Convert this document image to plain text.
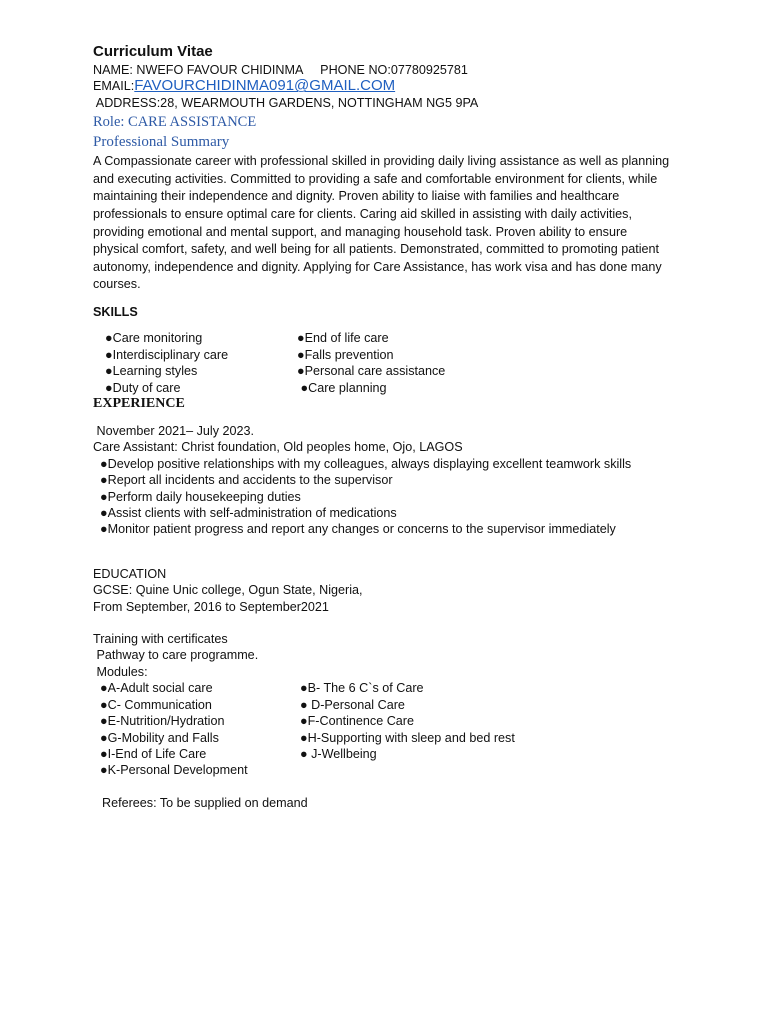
Curriculum Vitae
NAME: NWEFO FAVOUR CHIDINMA     PHONE NO:07780925781
EMAIL:FAVOURCHIDINMA091@GMAIL.COM
ADDRESS:28, WEARMOUTH GARDENS, NOTTINGHAM NG5 9PA
Role: CARE ASSISTANCE
Professional Summary
A Compassionate career with professional skilled in providing daily living assistance as well as planning and executing activities. Committed to providing a safe and comfortable environment for clients, while maintaining their independence and dignity. Proven ability to liaise with families and healthcare professionals to ensure optimal care for clients. Caring aid skilled in assisting with daily activities, providing emotional and mental support, and managing household task. Proven ability to ensure physical comfort, safety, and well being for all patients. Demonstrated, committed to promoting patient autonomy, independence and dignity. Applying for Care Assistance, has work visa and has done many courses.
SKILLS
●Care monitoring	●End of life care
●Interdisciplinary care	●Falls prevention
●Learning styles	●Personal care assistance
●Duty of care	●Care planning
EXPERIENCE
November 2021– July 2023.
Care Assistant: Christ foundation, Old peoples home, Ojo, LAGOS
●Develop positive relationships with my colleagues, always displaying excellent teamwork skills
●Report all incidents and accidents to the supervisor
●Perform daily housekeeping duties
●Assist clients with self-administration of medications
●Monitor patient progress and report any changes or concerns to the supervisor immediately
EDUCATION
GCSE: Quine Unic college, Ogun State, Nigeria,
From September, 2016 to September2021
Training with certificates
Pathway to care programme.
Modules:
●A-Adult social care	●B- The 6 C`s of Care
●C- Communication	● D-Personal Care
●E-Nutrition/Hydration	●F-Continence Care
●G-Mobility and Falls	●H-Supporting with sleep and bed rest
●I-End of Life Care	● J-Wellbeing
●K-Personal Development
Referees: To be supplied on demand
